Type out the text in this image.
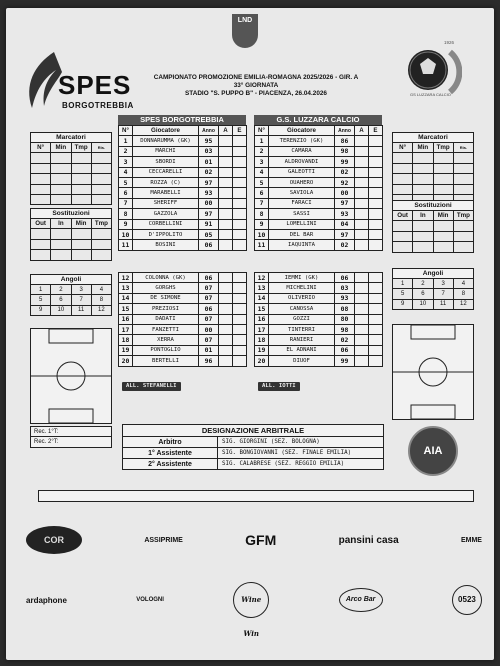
LND
SPES
BORGOTREBBIA
CAMPIONATO PROMOZIONE EMILIA-ROMAGNA 2025/2026 - GIR. A
33° GIORNATA
STADIO "S. PUPPO B" - PIACENZA, 26.04.2026
1926
GS LUZZARA CALCIO
Marcatori
N°	Min	Tmp	Ris.

Sostituzioni
Out	In	Min	Tmp

Angoli
1	2	3	4
5	6	7	8
9	10	11	12
Rec. 1°T:
Rec. 2°T:
SPES BORGOTREBBIA
N°	Giocatore	Anno	A	E
1	DONNARUMMA (GK)	95		
2	MARCHI	03		
3	SBORDI	01		
4	CECCARELLI	02		
5	ROZZA (C)	97		
6	MARABELLI	93		
7	SHERIFF	00		
8	GAZZOLA	97		
9	CORBELLINI	91		
10	D'IPPOLITO	05		
11	BOSINI	06		
12	COLONNA (GK)	06		
13	GORGHS	07		
14	DE SIMONE	07		
15	PREZIOSI	06		
16	DADATI	07		
17	FANZETTI	00		
18	XERRA	07		
19	PONTOGLIO	01		
20	BERTELLI	96		
ALL. STEFANELLI
G.S. LUZZARA CALCIO
N°	Giocatore	Anno	A	E
1	TERENZIO (GK)	86		
2	CAMARA	98		
3	ALDROVANDI	99		
4	GALEOTTI	02		
5	OUAHERO	92		
6	SAVIOLA	00		
7	FARACI	97		
8	SASSI	93		
9	LOMELLINI	04		
10	DEL BAR	97		
11	IAQUINTA	02		
12	IEMMI (GK)	06		
13	MICHELINI	03		
14	OLIVERIO	93		
15	CANOSSA	08		
16	GOZZI	80		
17	TINTERRI	98		
18	RANIERI	02		
19	EL ADNANI	06		
20	DIUOF	99		
ALL. IOTTI
Marcatori
N°	Min	Tmp	Ris.

Sostituzioni
Out	In	Min	Tmp

Angoli
1	2	3	4
5	6	7	8
9	10	11	12
DESIGNAZIONE ARBITRALE
Arbitro	SIG. GIORGINI (SEZ. BOLOGNA)
1° Assistente	SIG. BONGIOVANNI (SEZ. FINALE EMILIA)
2° Assistente	SIG. CALABRESE (SEZ. REGGIO EMILIA)
AIA
COR	ASSIPRIME	GFM	pansini casa	EMME
ardaphone	VOLOGNI	Wine Win
Arco Bar	0523
